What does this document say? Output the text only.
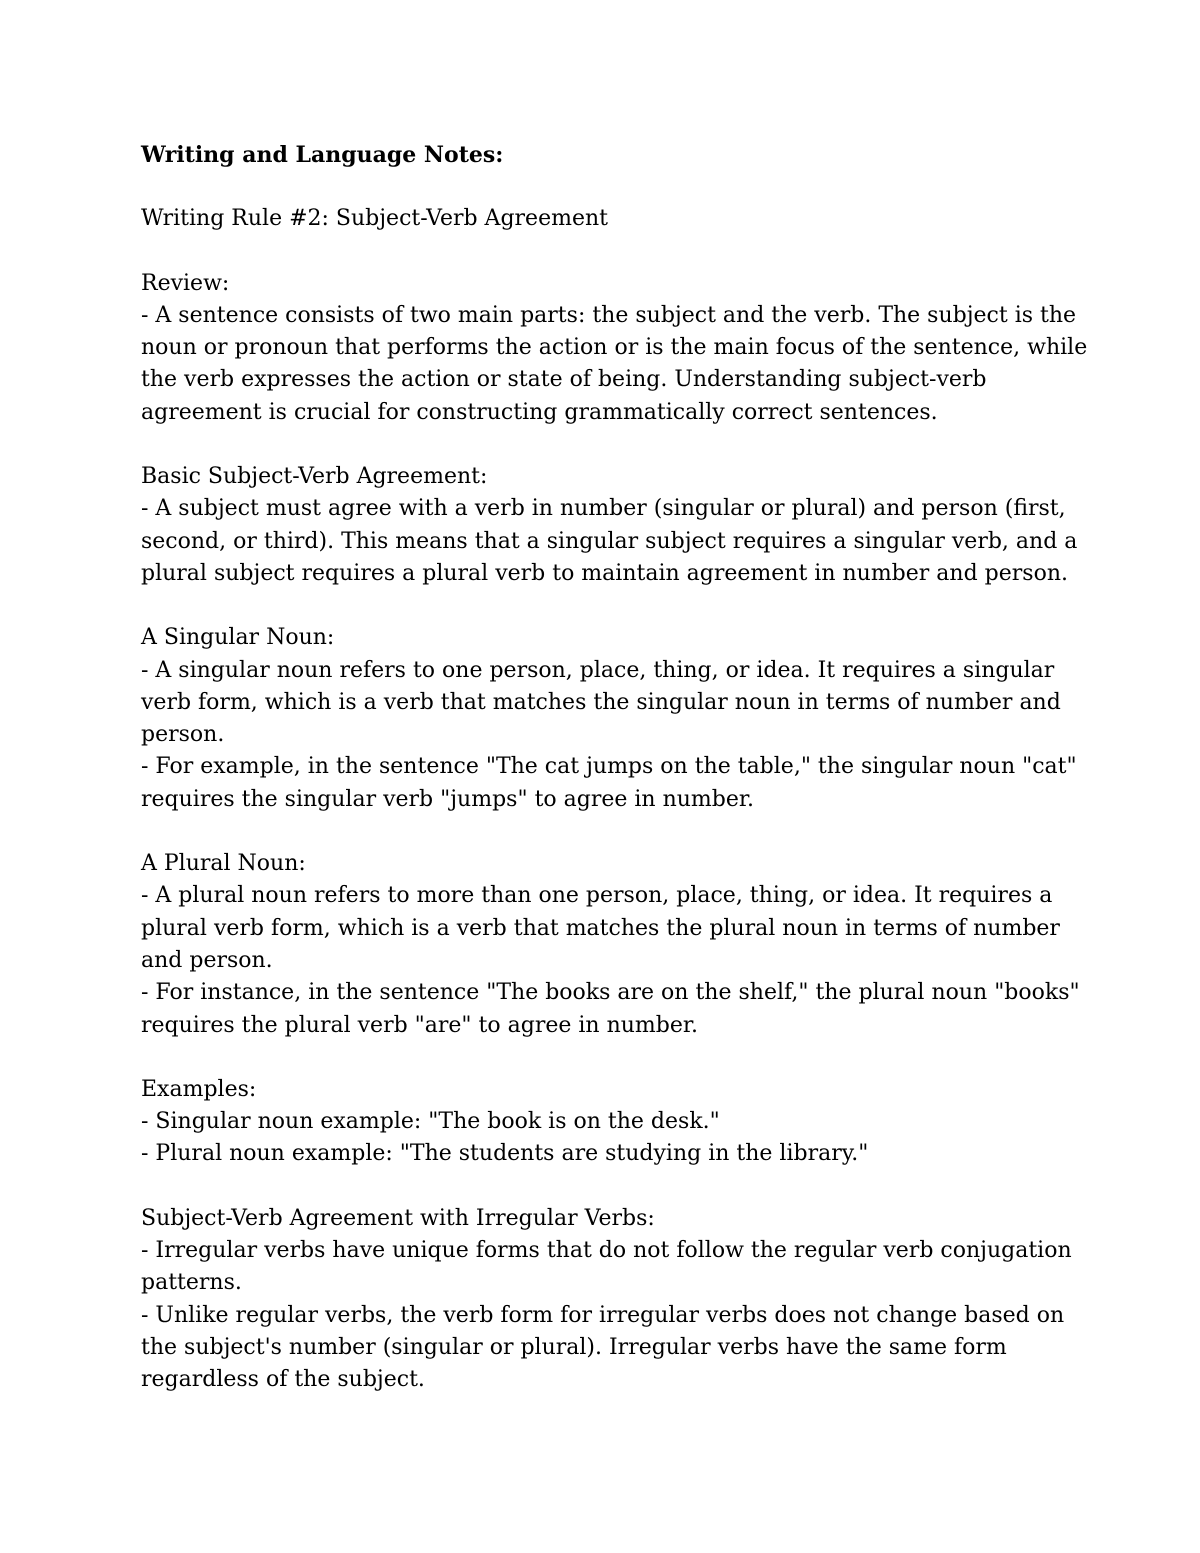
Writing and Language Notes:
Writing Rule #2: Subject-Verb Agreement
Review:
- A sentence consists of two main parts: the subject and the verb. The subject is the
noun or pronoun that performs the action or is the main focus of the sentence, while
the verb expresses the action or state of being. Understanding subject-verb
agreement is crucial for constructing grammatically correct sentences.
Basic Subject-Verb Agreement:
- A subject must agree with a verb in number (singular or plural) and person (first,
second, or third). This means that a singular subject requires a singular verb, and a
plural subject requires a plural verb to maintain agreement in number and person.
A Singular Noun:
- A singular noun refers to one person, place, thing, or idea. It requires a singular
verb form, which is a verb that matches the singular noun in terms of number and
person.
- For example, in the sentence "The cat jumps on the table," the singular noun "cat"
requires the singular verb "jumps" to agree in number.
A Plural Noun:
- A plural noun refers to more than one person, place, thing, or idea. It requires a
plural verb form, which is a verb that matches the plural noun in terms of number
and person.
- For instance, in the sentence "The books are on the shelf," the plural noun "books"
requires the plural verb "are" to agree in number.
Examples:
- Singular noun example: "The book is on the desk."
- Plural noun example: "The students are studying in the library."
Subject-Verb Agreement with Irregular Verbs:
- Irregular verbs have unique forms that do not follow the regular verb conjugation
patterns.
- Unlike regular verbs, the verb form for irregular verbs does not change based on
the subject's number (singular or plural). Irregular verbs have the same form
regardless of the subject.
